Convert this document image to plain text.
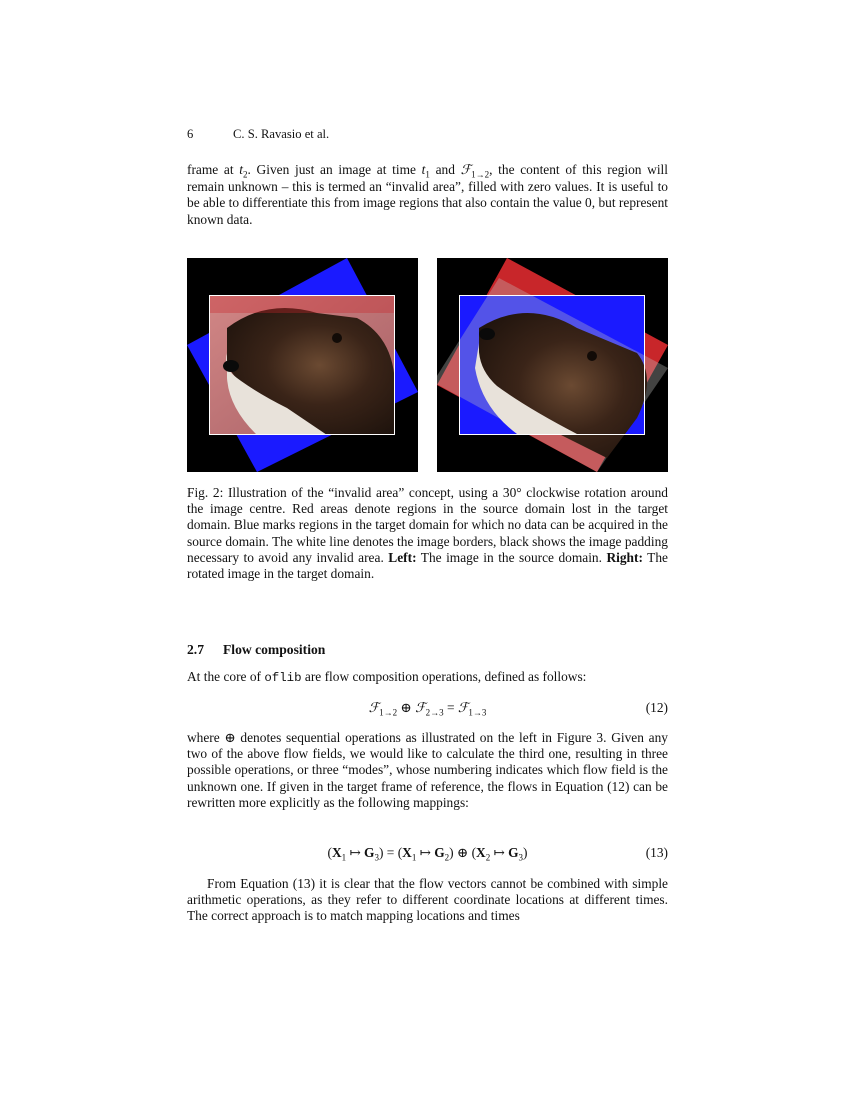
6	C. S. Ravasio et al.
frame at $t_2$. Given just an image at time $t_1$ and ℱ$_{1\to 2}$, the content of this region will remain unknown – this is termed an “invalid area”, filled with zero values. It is useful to be able to differentiate this from image regions that also contain the value 0, but represent known data.
Fig. 2: Illustration of the “invalid area” concept, using a 30° clockwise rotation around the image centre. Red areas denote regions in the source domain lost in the target domain. Blue marks regions in the target domain for which no data can be acquired in the source domain. The white line denotes the image borders, black shows the image padding necessary to avoid any invalid area. Left: The image in the source domain. Right: The rotated image in the target domain.
2.7 Flow composition
At the core of oflib are flow composition operations, defined as follows:
ℱ$_{1\to 2}$ ⊕ ℱ$_{2\to 3}$ = ℱ$_{1\to 3}$	(12)
where ⊕ denotes sequential operations as illustrated on the left in Figure 3. Given any two of the above flow fields, we would like to calculate the third one, resulting in three possible operations, or three “modes”, whose numbering indicates which flow field is the unknown one. If given in the target frame of reference, the flows in Equation (12) can be rewritten more explicitly as the following mappings:
($X_1$ ↦ $G_3) = (X_1$ ↦ $G_2$) ⊕ ($X_2$ ↦ $G_3$)	(13)
From Equation (13) it is clear that the flow vectors cannot be combined with simple arithmetic operations, as they refer to different coordinate locations at different times. The correct approach is to match mapping locations and times
